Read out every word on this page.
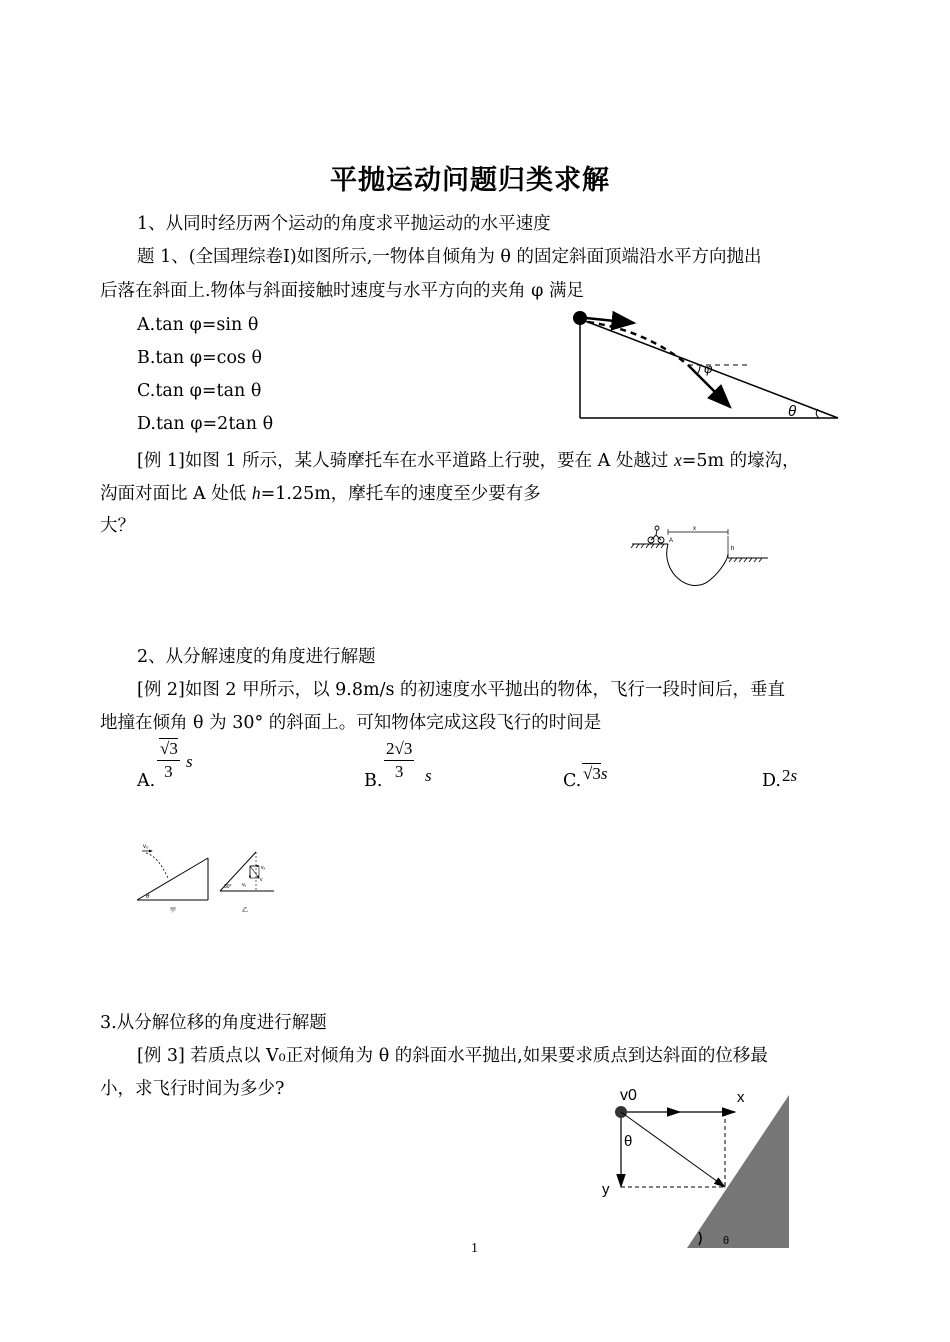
平抛运动问题归类求解
1、从同时经历两个运动的角度求平抛运动的水平速度
题 1、(全国理综卷Ⅰ)如图所示,一物体自倾角为 θ 的固定斜面顶端沿水平方向抛出
后落在斜面上.物体与斜面接触时速度与水平方向的夹角 φ 满足
A.tan φ=sin θ
B.tan φ=cos θ
C.tan φ=tan θ
D.tan φ=2tan θ
φ
θ
[例 1]如图 1 所示，某人骑摩托车在水平道路上行驶，要在 A 处越过 x=5m 的壕沟，
沟面对面比 A 处低 h=1.25m，摩托车的速度至少要有多
大？
A
x
h
2、从分解速度的角度进行解题
[例 2]如图 2 甲所示，以 9.8m/s 的初速度水平抛出的物体，飞行一段时间后，垂直
地撞在倾角 θ 为 30° 的斜面上。可知物体完成这段飞行的时间是
A. $\frac{√3}{3}$ s
B. $\frac{2√3}{3}$ s	C. √3s	D. 2s
v₀
θ
甲
vₓ
vᵧ
v
30°
乙
3.从分解位移的角度进行解题
[例 3] 若质点以 V₀正对倾角为 θ 的斜面水平抛出,如果要求质点到达斜面的位移最
小，求飞行时间为多少?	v0	x
y
θ
θ
1
